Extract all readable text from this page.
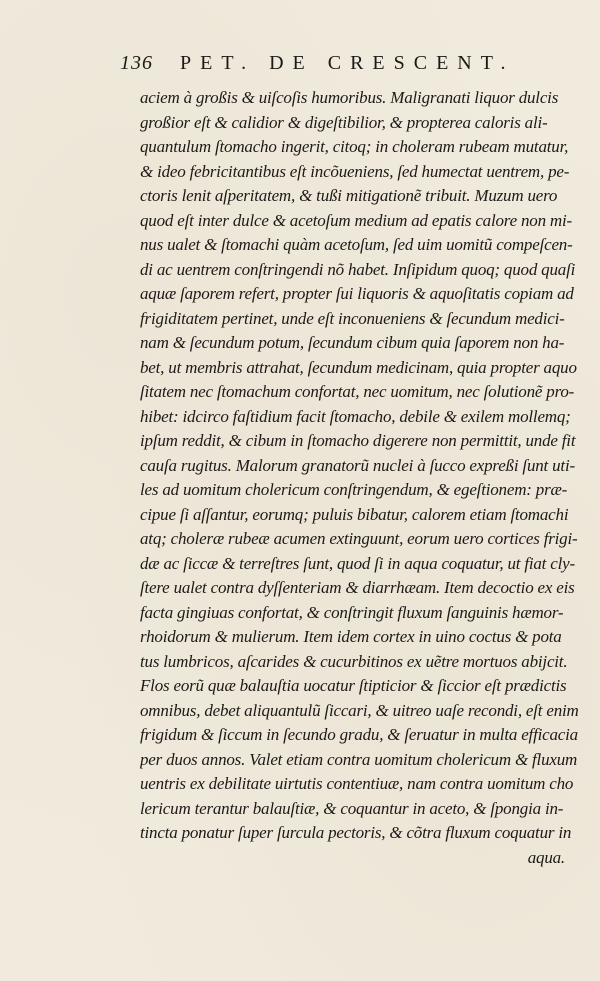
136 PET. DE CRESCENT.
aciem à großis & uiſcoſis humoribus. Maligranati liquor dulcis
großior eſt & calidior & digeſtibilior, & propterea caloris ali-
quantulum ſtomacho ingerit, citoq; in choleram rubeam mutatur,
& ideo febricitantibus eſt incõueniens, ſed humectat uentrem, pe-
ctoris lenit aſperitatem, & tußi mitigationẽ tribuit. Muzum uero
quod eſt inter dulce & acetoſum medium ad epatis calore non mi-
nus ualet & ſtomachi quàm acetoſum, ſed uim uomitũ compeſcen-
di ac uentrem conſtringendi nõ habet. Inſipidum quoq; quod quaſi
aquæ ſaporem refert, propter ſui liquoris & aquoſitatis copiam ad
frigiditatem pertinet, unde eſt inconueniens & ſecundum medici-
nam & ſecundum potum, ſecundum cibum quia ſaporem non ha-
bet, ut membris attrahat, ſecundum medicinam, quia propter aquo
ſitatem nec ſtomachum confortat, nec uomitum, nec ſolutionẽ pro-
hibet: idcirco faſtidium facit ſtomacho, debile & exilem mollemq;
ipſum reddit, & cibum in ſtomacho digerere non permittit, unde fit
cauſa rugitus. Malorum granatorũ nuclei à ſucco expreßi ſunt uti-
les ad uomitum cholericum conſtringendum, & egeſtionem: præ-
cipue ſi aſſantur, eorumq; puluis bibatur, calorem etiam ſtomachi
atq; choleræ rubeæ acumen extinguunt, eorum uero cortices frigi-
dæ ac ſiccæ & terreſtres ſunt, quod ſi in aqua coquatur, ut fiat cly-
ſtere ualet contra dyſſenteriam & diarrhæam. Item decoctio ex eis
facta gingiuas confortat, & conſtringit fluxum ſanguinis hæmor-
rhoidorum & mulierum. Item idem cortex in uino coctus & pota
tus lumbricos, aſcarides & cucurbitinos ex uẽtre mortuos abijcit.
Flos eorũ quæ balauſtia uocatur ſtipticior & ſiccior eſt prædictis
omnibus, debet aliquantulũ ſiccari, & uitreo uaſe recondi, eſt enim
frigidum & ſiccum in ſecundo gradu, & ſeruatur in multa efficacia
per duos annos. Valet etiam contra uomitum cholericum & fluxum
uentris ex debilitate uirtutis contentiuæ, nam contra uomitum cho
lericum terantur balauſtiæ, & coquantur in aceto, & ſpongia in-
tincta ponatur ſuper ſurcula pectoris, & cõtra fluxum coquatur in
aqua.
